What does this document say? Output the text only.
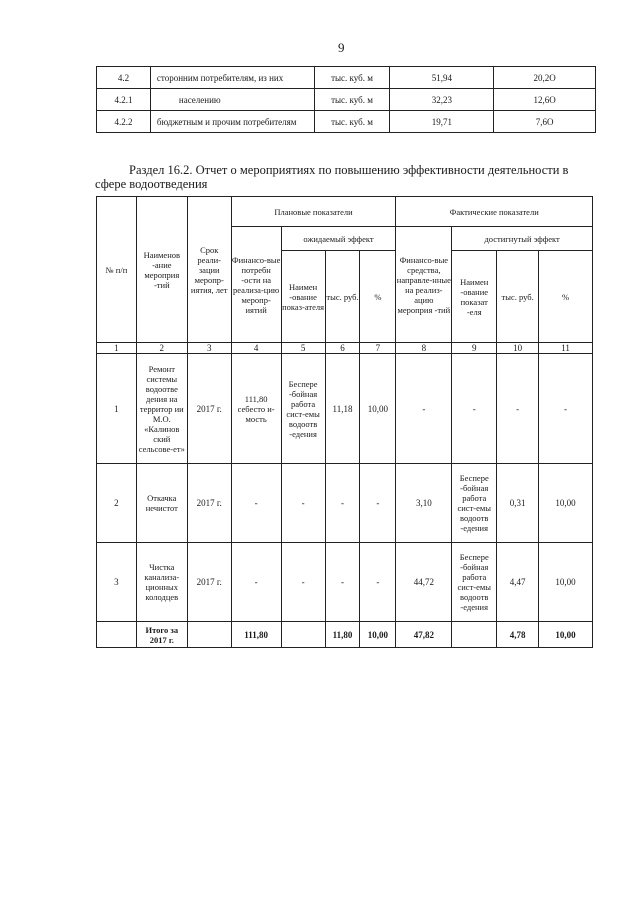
9
4.2	сторонним потребителям, из них	тыс. куб. м	51,94	20,2О
4.2.1	населению	тыс. куб. м	32,23	12,6О
4.2.2	бюджетным и прочим потребителям	тыс. куб. м	19,71	7,6О
Раздел 16.2. Отчет о мероприятиях по повышению эффективности деятельности в
сфере водоотведения
№ п/п	Наименов -ание мероприя -тий	Срок реали-зации меропр-иятия, лет	Плановые показатели				Фактические показатели			
			Финансо-вые потребн -ости на реализа-цию меропр-иятий	ожидаемый эффект			Финансо-вые средства, направле-нные на реализ-ацию мероприя -тий	достигнутый эффект		
				Наимен -ование показ-ателя	тыс. руб.	%		Наимен -ование показат -еля	тыс. руб.	%

1	2	3	4	5	6	7	8	9	10	11
1	Ремонт системы водоотве дения на территор ии М.О. «Калинов ский сельсовe-ет»	2017 г.	111,80 себесто и-мость	Беспере -бойная работа сист-емы водоотв -едения	11,18	10,00	-	-	-	-
2	Откачка нечистот	2017 г.	-	-	-	-	3,10	Беспере -бойная работа сист-емы водоотв -едения	0,31	10,00
3	Чистка канализа-ционных колодцев	2017 г.	-	-	-	-	44,72	Беспере -бойная работа сист-емы водоотв -едения	4,47	10,00
	Итого за 2017 г.		111,80		11,80	10,00	47,82		4,78	10,00
